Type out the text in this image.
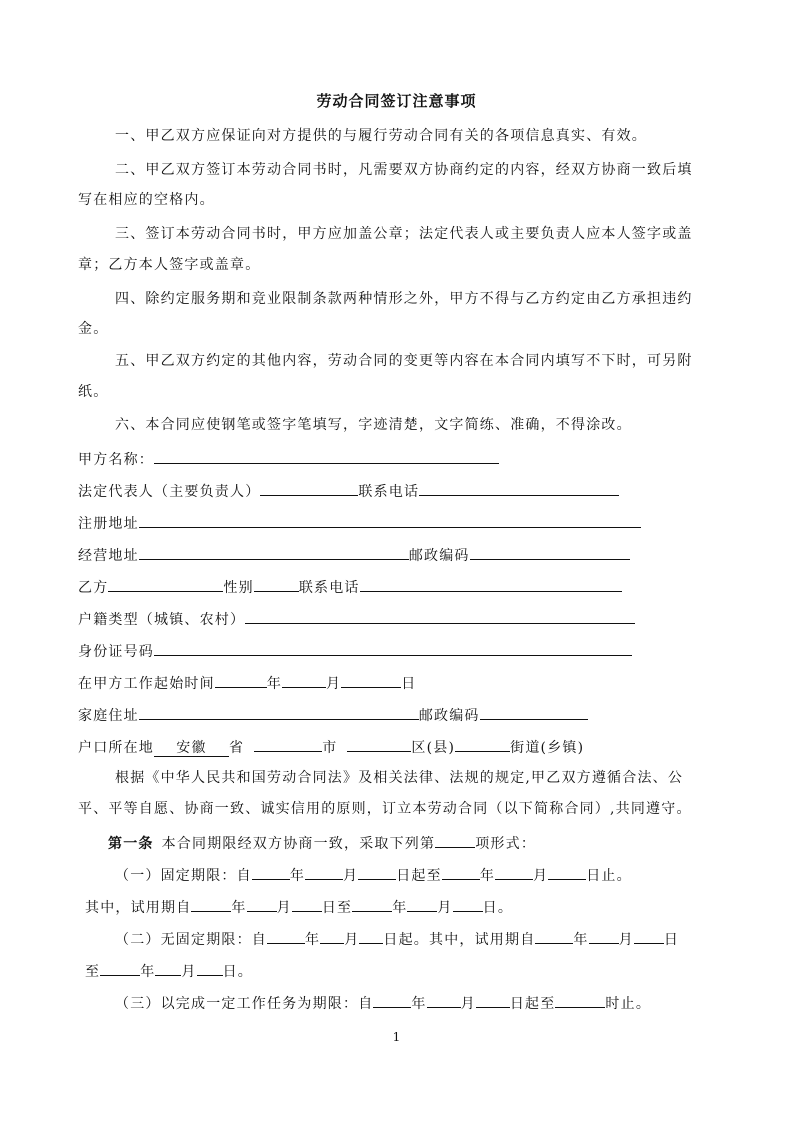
劳动合同签订注意事项
一、甲乙双方应保证向对方提供的与履行劳动合同有关的各项信息真实、有效。
二、甲乙双方签订本劳动合同书时，凡需要双方协商约定的内容，经双方协商一致后填
写在相应的空格内。
三、签订本劳动合同书时，甲方应加盖公章；法定代表人或主要负责人应本人签字或盖
章；乙方本人签字或盖章。
四、除约定服务期和竞业限制条款两种情形之外，甲方不得与乙方约定由乙方承担违约
金。
五、甲乙双方约定的其他内容，劳动合同的变更等内容在本合同内填写不下时，可另附
纸。
六、本合同应使钢笔或签字笔填写，字迹清楚，文字简练、准确，不得涂改。
甲方名称：
法定代表人（主要负责人）	联系电话
注册地址
经营地址	邮政编码
乙方	性别	联系电话
户籍类型（城镇、农村）
身份证号码
在甲方工作起始时间	年	月	日
家庭住址	邮政编码
户口所在地 安徽 省	市	区(县)	街道(乡镇)
根据《中华人民共和国劳动合同法》及相关法律、法规的规定,甲乙双方遵循合法、公
平、平等自愿、协商一致、诚实信用的原则，订立本劳动合同（以下简称合同）,共同遵守。
第一条 本合同期限经双方协商一致，采取下列第	项形式：
（一）固定期限：自	年	月	日起至	年	月	日止。
其中，试用期自	年 月 日至	年 月 日。
（二）无固定期限：自	年 月 日起。其中，试用期自	年 月 日
至	年 月 日。
（三）以完成一定工作任务为期限：自	年 月 日起至	时止。
1
